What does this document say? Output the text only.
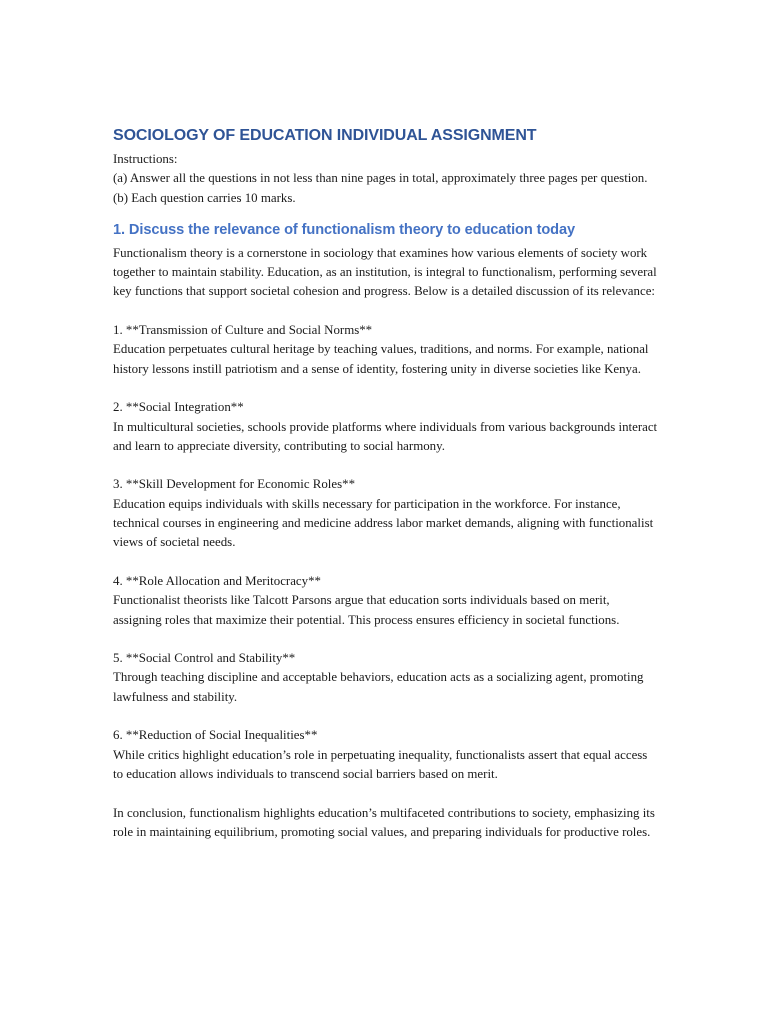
SOCIOLOGY OF EDUCATION INDIVIDUAL ASSIGNMENT

Instructions:

(a) Answer all the questions in not less than nine pages in total, approximately three pages per question.

(b) Each question carries 10 marks.

1. Discuss the relevance of functionalism theory to education today

Functionalism theory is a cornerstone in sociology that examines how various elements of society work together to maintain stability. Education, as an institution, is integral to functionalism, performing several key functions that support societal cohesion and progress. Below is a detailed discussion of its relevance:

1. **Transmission of Culture and Social Norms**

Education perpetuates cultural heritage by teaching values, traditions, and norms. For example, national history lessons instill patriotism and a sense of identity, fostering unity in diverse societies like Kenya.

2. **Social Integration**

In multicultural societies, schools provide platforms where individuals from various backgrounds interact and learn to appreciate diversity, contributing to social harmony.

3. **Skill Development for Economic Roles**

Education equips individuals with skills necessary for participation in the workforce. For instance, technical courses in engineering and medicine address labor market demands, aligning with functionalist views of societal needs.

4. **Role Allocation and Meritocracy**

Functionalist theorists like Talcott Parsons argue that education sorts individuals based on merit, assigning roles that maximize their potential. This process ensures efficiency in societal functions.

5. **Social Control and Stability**

Through teaching discipline and acceptable behaviors, education acts as a socializing agent, promoting lawfulness and stability.

6. **Reduction of Social Inequalities**

While critics highlight education’s role in perpetuating inequality, functionalists assert that equal access to education allows individuals to transcend social barriers based on merit.

In conclusion, functionalism highlights education’s multifaceted contributions to society, emphasizing its role in maintaining equilibrium, promoting social values, and preparing individuals for productive roles.
